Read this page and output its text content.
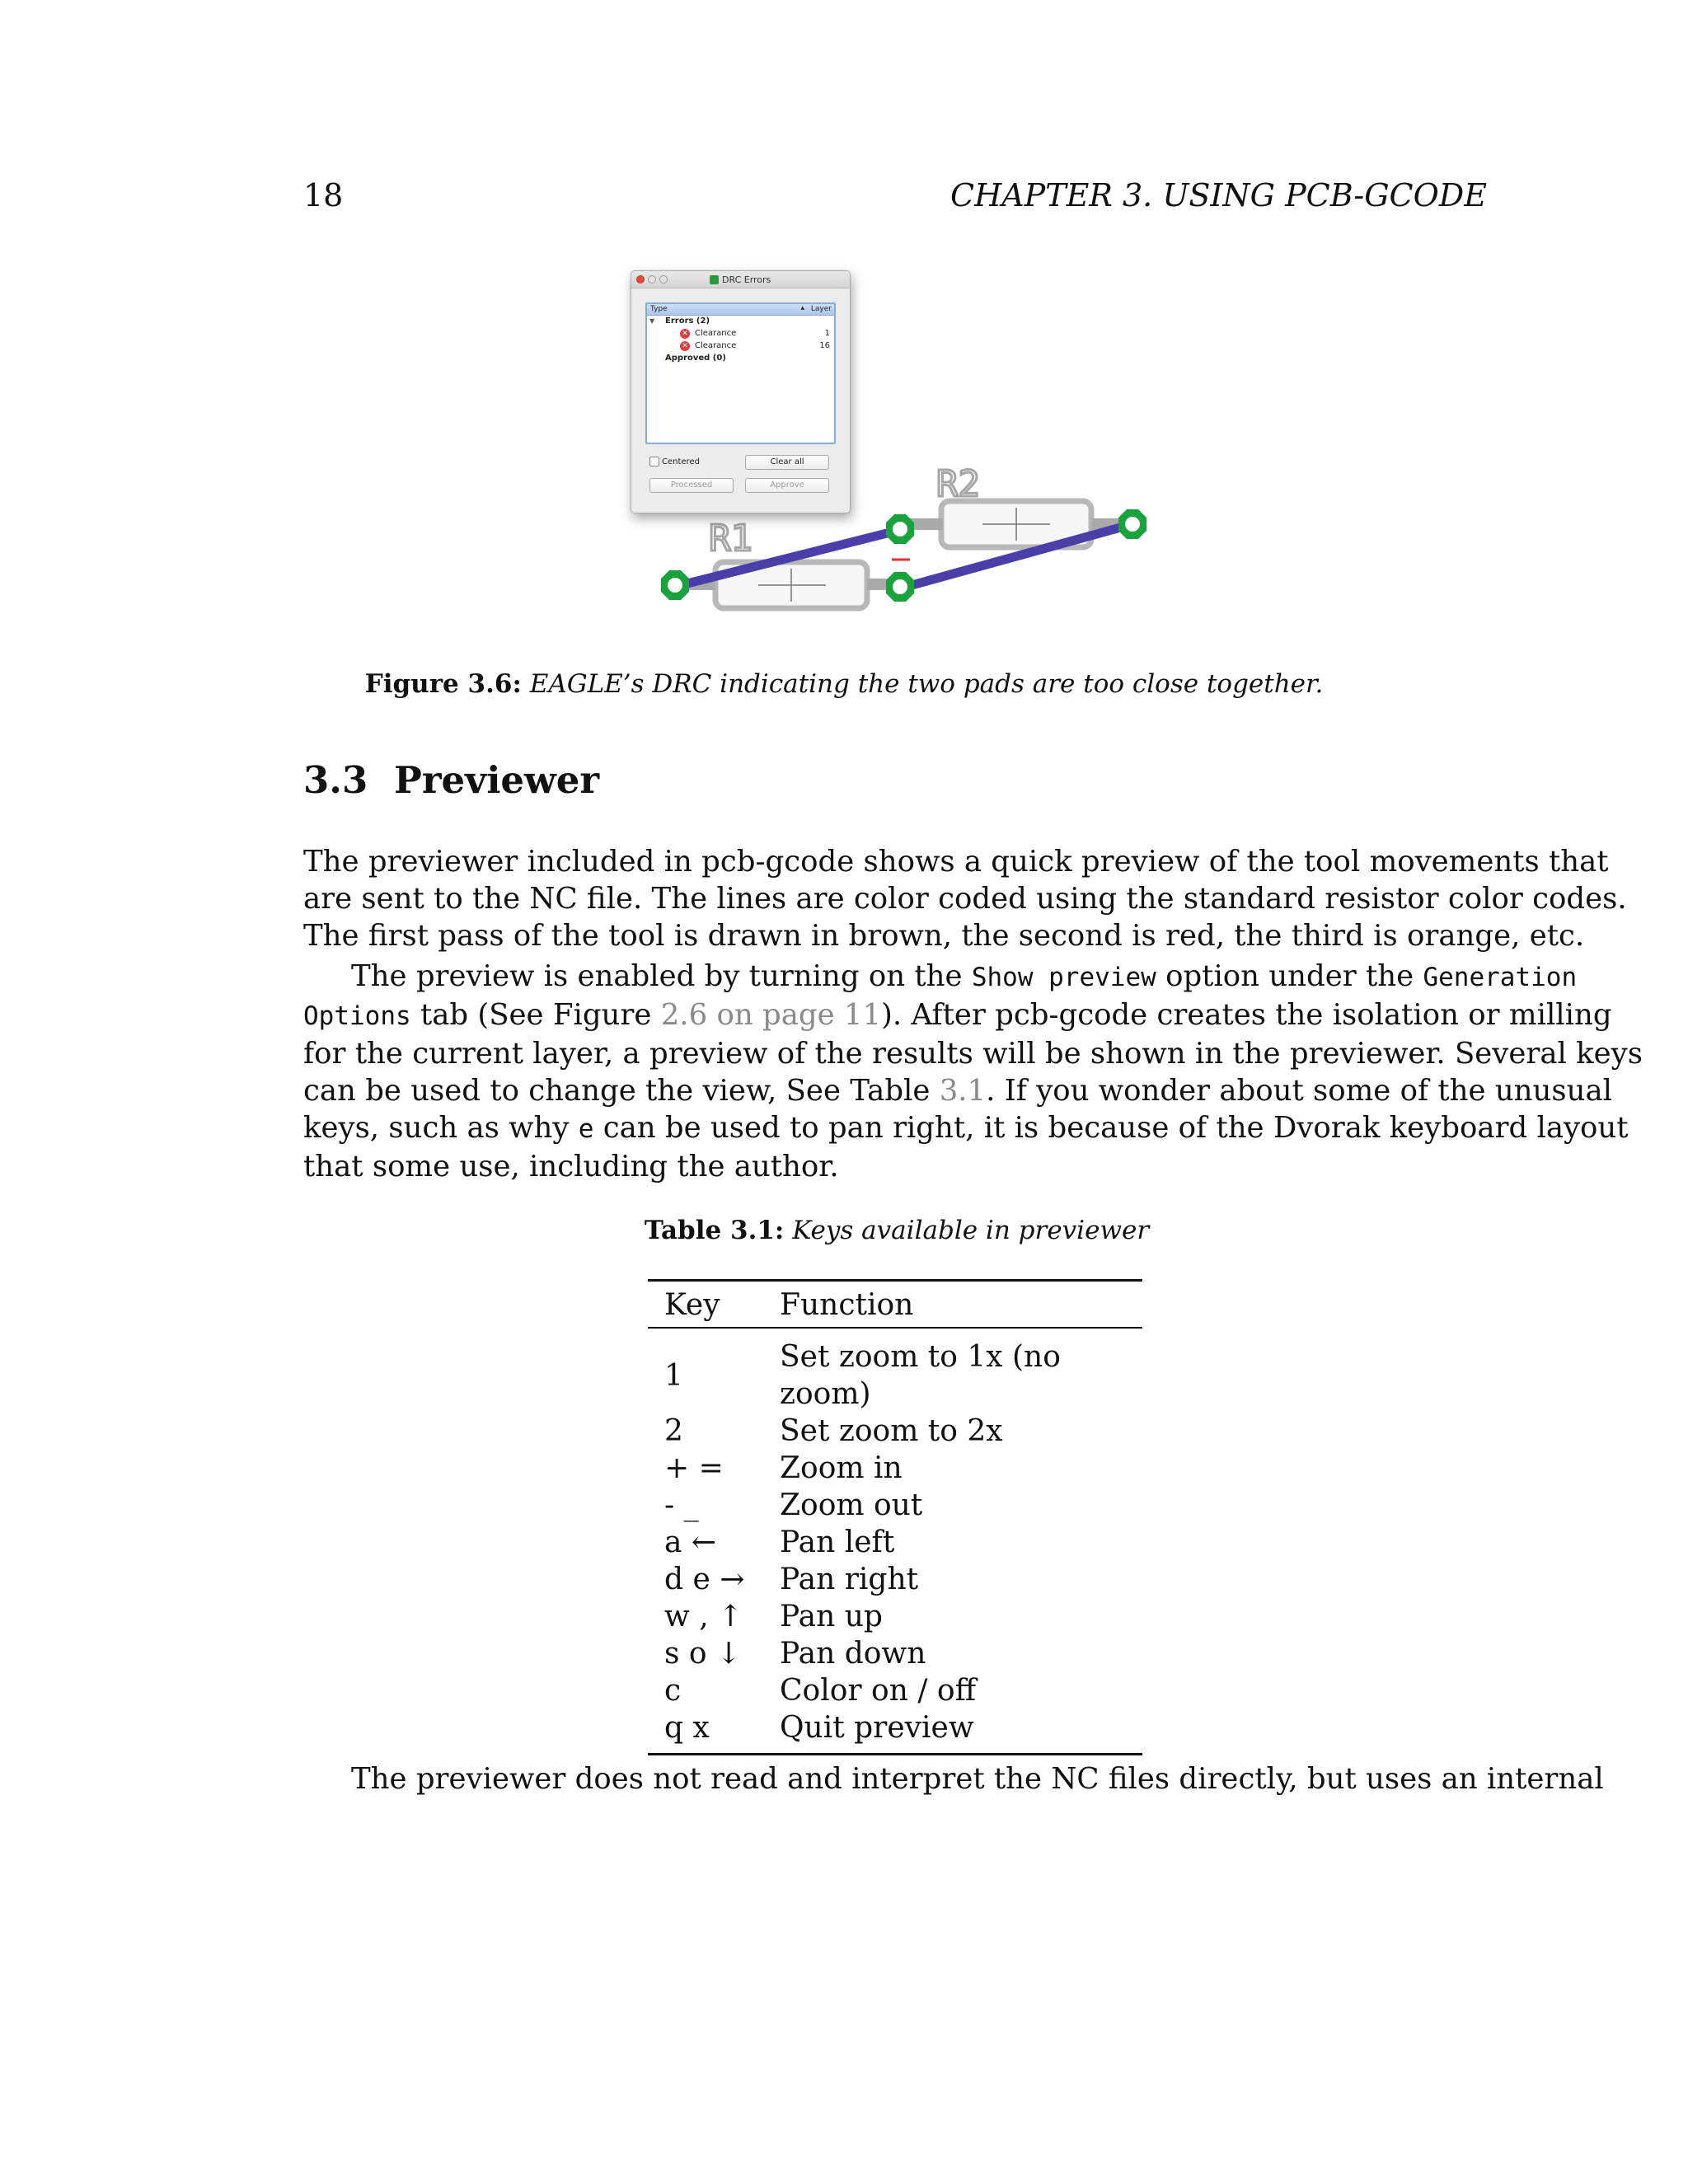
18	CHAPTER 3. USING PCB-GCODE
R1
R2
DRC Errors
Type	▴ Layer
▼ Errors (2)
✕ Clearance	1
✕ Clearance	16
Approved (0)
Centered	Clear all
Processed	Approve
Figure 3.6: EAGLE’s DRC indicating the two pads are too close together.
3.3 Previewer
The previewer included in pcb-gcode shows a quick preview of the tool movements that
are sent to the NC file. The lines are color coded using the standard resistor color codes.
The first pass of the tool is drawn in brown, the second is red, the third is orange, etc.
The preview is enabled by turning on the Show preview option under the Generation
Options tab (See Figure 2.6 on page 11). After pcb-gcode creates the isolation or milling
for the current layer, a preview of the results will be shown in the previewer. Several keys
can be used to change the view, See Table 3.1. If you wonder about some of the unusual
keys, such as why e can be used to pan right, it is because of the Dvorak keyboard layout
that some use, including the author.
Table 3.1: Keys available in previewer
Key	Function
1	Set zoom to 1x (no zoom)
2	Set zoom to 2x
+ =	Zoom in
- _	Zoom out
a ←	Pan left
d e →	Pan right
w , ↑	Pan up
s o ↓	Pan down
c	Color on / off
q x	Quit preview
The previewer does not read and interpret the NC files directly, but uses an internal
